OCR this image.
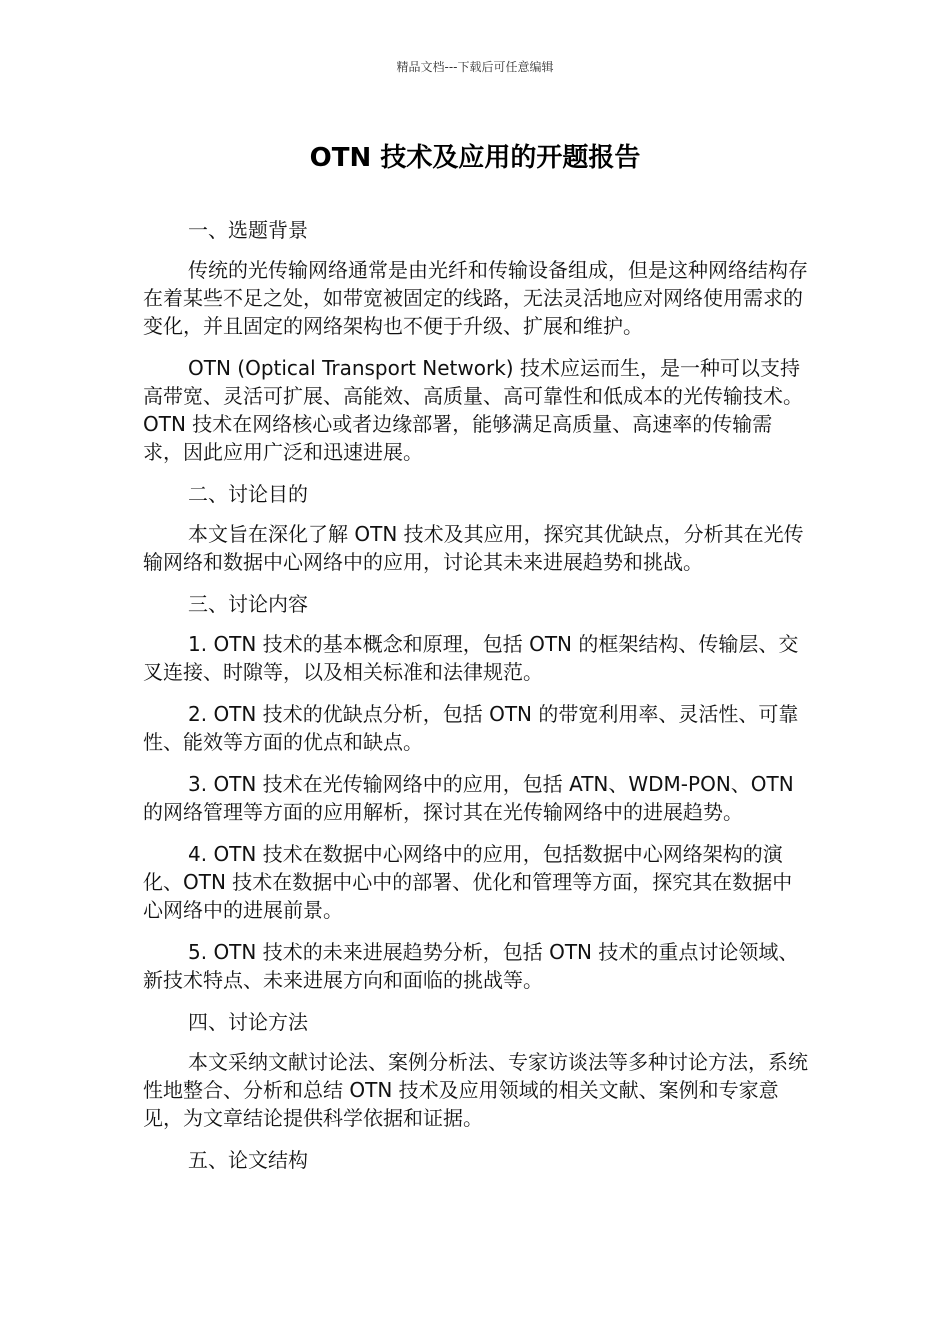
精品文档---下载后可任意编辑
OTN 技术及应用的开题报告

一、选题背景

传统的光传输网络通常是由光纤和传输设备组成，但是这种网络结构存在着某些不足之处，如带宽被固定的线路，无法灵活地应对网络使用需求的变化，并且固定的网络架构也不便于升级、扩展和维护。

OTN (Optical Transport Network) 技术应运而生，是一种可以支持高带宽、灵活可扩展、高能效、高质量、高可靠性和低成本的光传输技术。 OTN 技术在网络核心或者边缘部署，能够满足高质量、高速率的传输需求，因此应用广泛和迅速进展。

二、讨论目的

本文旨在深化了解 OTN 技术及其应用，探究其优缺点，分析其在光传输网络和数据中心网络中的应用，讨论其未来进展趋势和挑战。

三、讨论内容

1. OTN 技术的基本概念和原理，包括 OTN 的框架结构、传输层、交叉连接、时隙等，以及相关标准和法律规范。

2. OTN 技术的优缺点分析，包括 OTN 的带宽利用率、灵活性、可靠性、能效等方面的优点和缺点。

3. OTN 技术在光传输网络中的应用，包括 ATN、WDM-PON、OTN 的网络管理等方面的应用解析，探讨其在光传输网络中的进展趋势。

4. OTN 技术在数据中心网络中的应用，包括数据中心网络架构的演化、OTN 技术在数据中心中的部署、优化和管理等方面，探究其在数据中心网络中的进展前景。

5. OTN 技术的未来进展趋势分析，包括 OTN 技术的重点讨论领域、新技术特点、未来进展方向和面临的挑战等。

四、讨论方法

本文采纳文献讨论法、案例分析法、专家访谈法等多种讨论方法，系统性地整合、分析和总结 OTN 技术及应用领域的相关文献、案例和专家意见，为文章结论提供科学依据和证据。

五、论文结构
